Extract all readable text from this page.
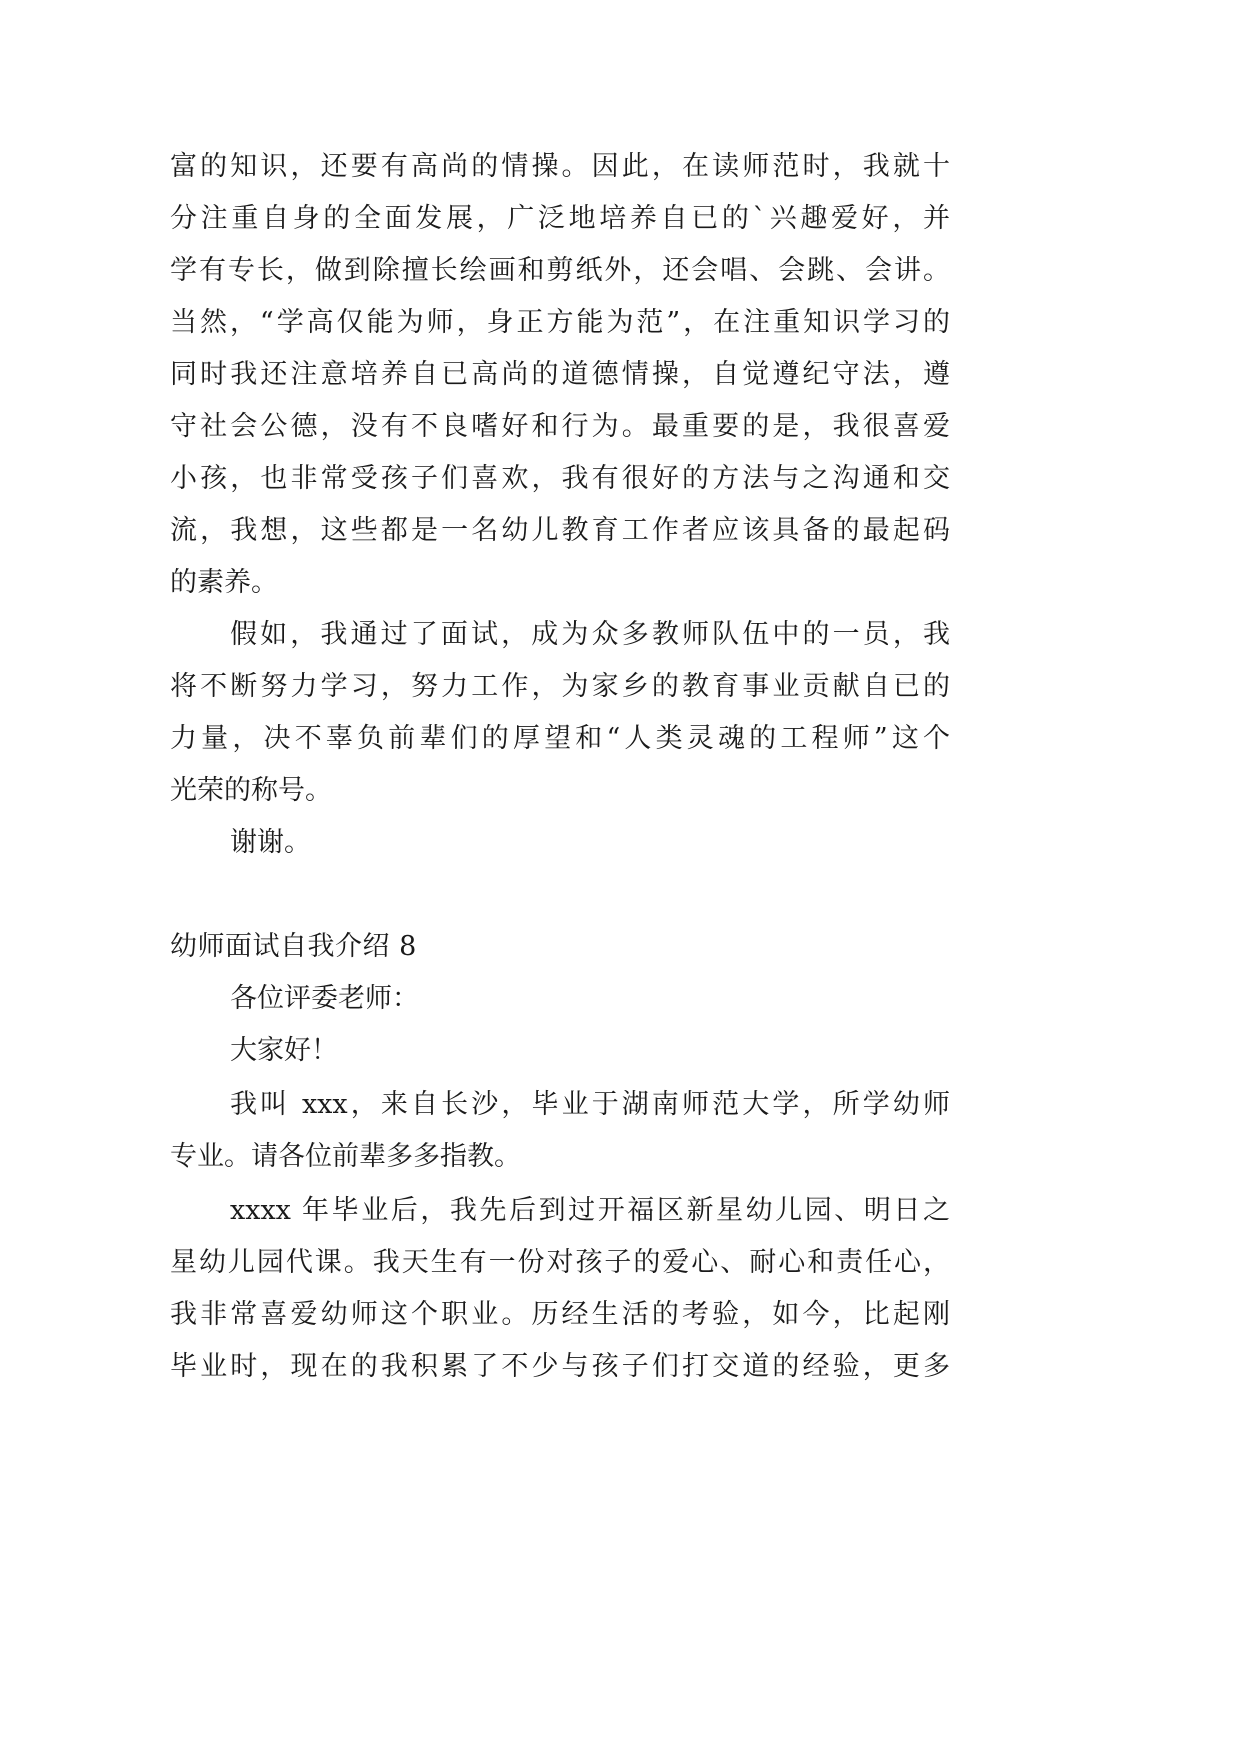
富的知识，还要有高尚的情操。因此，在读师范时，我就十

分注重自身的全面发展，广泛地培养自已的`兴趣爱好，并

学有专长，做到除擅长绘画和剪纸外，还会唱、会跳、会讲。

当然，“学高仅能为师，身正方能为范”，在注重知识学习的

同时我还注意培养自已高尚的道德情操，自觉遵纪守法，遵

守社会公德，没有不良嗜好和行为。最重要的是，我很喜爱

小孩，也非常受孩子们喜欢，我有很好的方法与之沟通和交

流，我想，这些都是一名幼儿教育工作者应该具备的最起码

的素养。

假如，我通过了面试，成为众多教师队伍中的一员，我

将不断努力学习，努力工作，为家乡的教育事业贡献自已的

力量，决不辜负前辈们的厚望和“人类灵魂的工程师”这个

光荣的称号。

谢谢。

幼师面试自我介绍 8

各位评委老师：

大家好！

我叫 xxx，来自长沙，毕业于湖南师范大学，所学幼师

专业。请各位前辈多多指教。

xxxx 年毕业后，我先后到过开福区新星幼儿园、明日之

星幼儿园代课。我天生有一份对孩子的爱心、耐心和责任心，

我非常喜爱幼师这个职业。历经生活的考验，如今，比起刚

毕业时，现在的我积累了不少与孩子们打交道的经验，更多
